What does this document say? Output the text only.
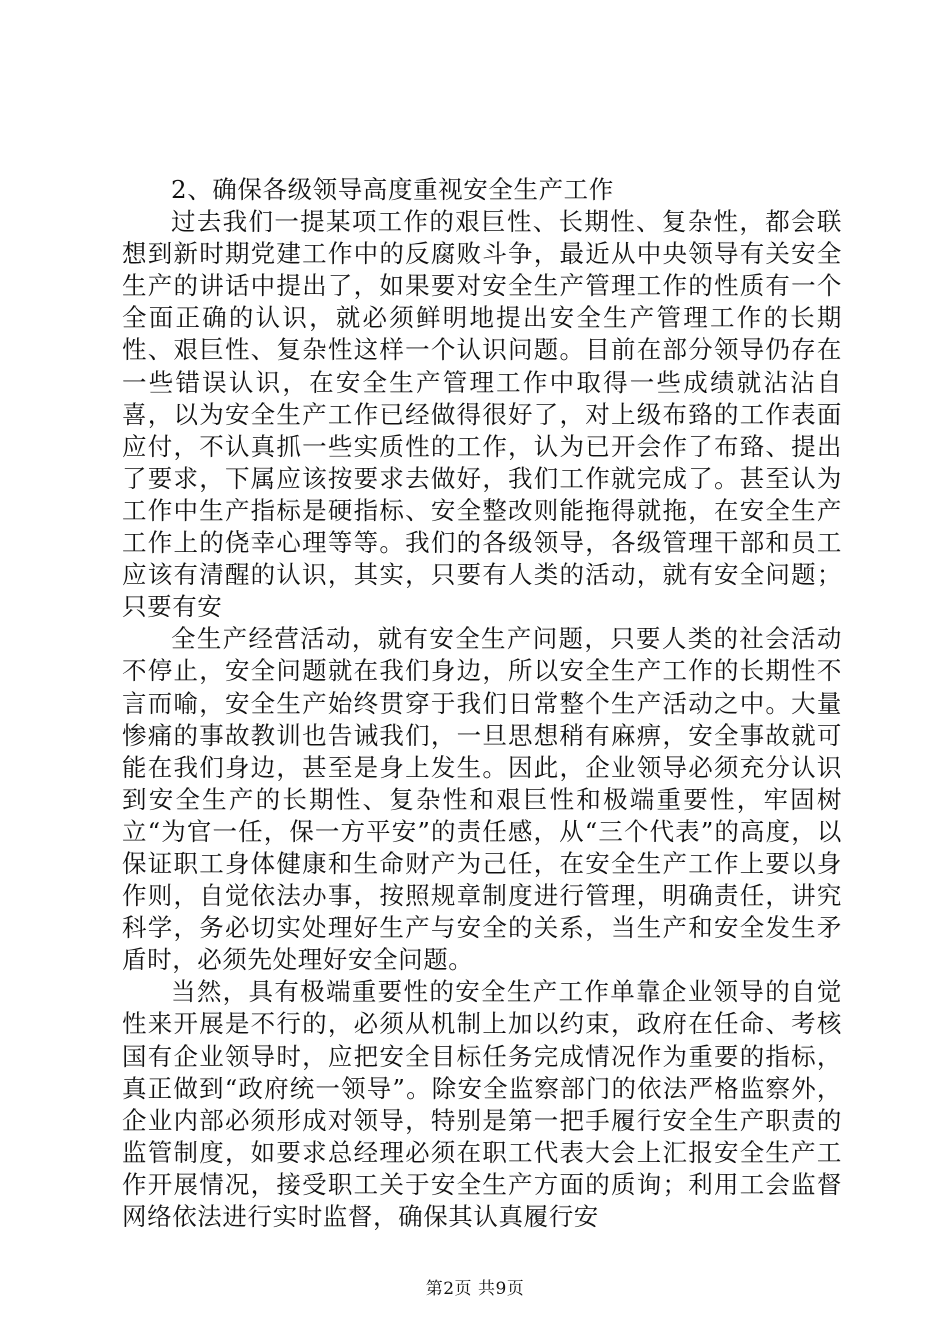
2、确保各级领导高度重视安全生产工作

过去我们一提某项工作的艰巨性、长期性、复杂性，都会联想到新时期党建工作中的反腐败斗争，最近从中央领导有关安全生产的讲话中提出了，如果要对安全生产管理工作的性质有一个全面正确的认识，就必须鲜明地提出安全生产管理工作的长期性、艰巨性、复杂性这样一个认识问题。目前在部分领导仍存在一些错误认识，在安全生产管理工作中取得一些成绩就沾沾自喜，以为安全生产工作已经做得很好了，对上级布臵的工作表面应付，不认真抓一些实质性的工作，认为已开会作了布臵、提出了要求，下属应该按要求去做好，我们工作就完成了。甚至认为工作中生产指标是硬指标、安全整改则能拖得就拖，在安全生产工作上的侥幸心理等等。我们的各级领导，各级管理干部和员工应该有清醒的认识，其实，只要有人类的活动，就有安全问题；只要有安

全生产经营活动，就有安全生产问题，只要人类的社会活动不停止，安全问题就在我们身边，所以安全生产工作的长期性不言而喻，安全生产始终贯穿于我们日常整个生产活动之中。大量惨痛的事故教训也告诫我们，一旦思想稍有麻痹，安全事故就可能在我们身边，甚至是身上发生。因此，企业领导必须充分认识到安全生产的长期性、复杂性和艰巨性和极端重要性，牢固树立“为官一任，保一方平安”的责任感，从“三个代表”的高度，以保证职工身体健康和生命财产为己任，在安全生产工作上要以身作则，自觉依法办事，按照规章制度进行管理，明确责任，讲究科学，务必切实处理好生产与安全的关系，当生产和安全发生矛盾时，必须先处理好安全问题。

当然，具有极端重要性的安全生产工作单靠企业领导的自觉性来开展是不行的，必须从机制上加以约束，政府在任命、考核国有企业领导时，应把安全目标任务完成情况作为重要的指标，真正做到“政府统一领导”。除安全监察部门的依法严格监察外，企业内部必须形成对领导，特别是第一把手履行安全生产职责的监管制度，如要求总经理必须在职工代表大会上汇报安全生产工作开展情况，接受职工关于安全生产方面的质询；利用工会监督网络依法进行实时监督，确保其认真履行安

第2页 共9页
